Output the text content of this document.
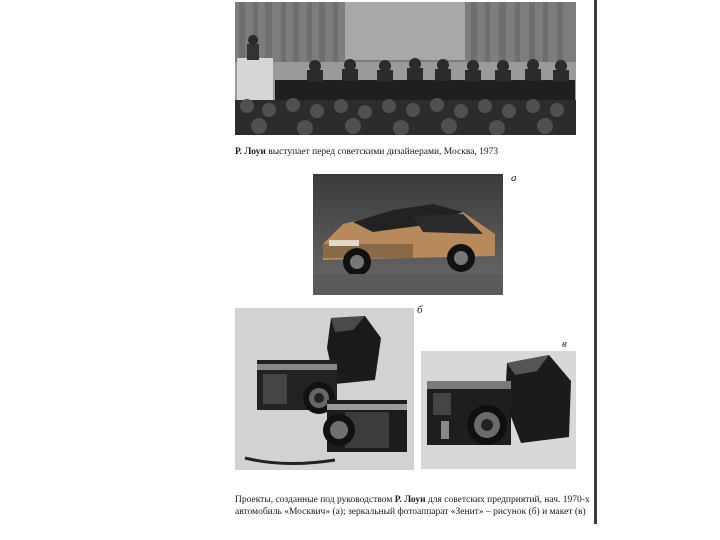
Р. Лоуи выступает перед советскими дизайнерами, Москва, 1973
а
б
в
Проекты, созданные под руководством Р. Лоуи для советских предприятий, нач. 1970-х
автомобиль «Москвич» (а); зеркальный фотоаппарат «Зенит» – рисунок (б) и макет (в)
